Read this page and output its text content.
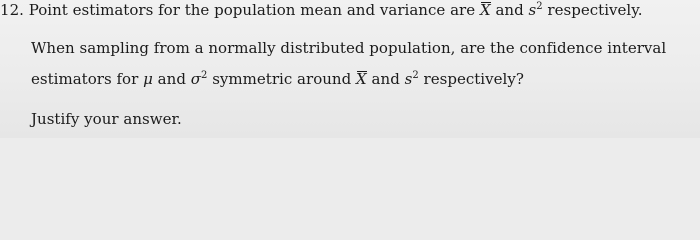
12. Point estimators for the population mean and variance are X and $s^2$ respectively.
When sampling from a normally distributed population, are the confidence interval
estimators for μ and $\sigma^2$ symmetric around X and $s^2$ respectively?
Justify your answer.
